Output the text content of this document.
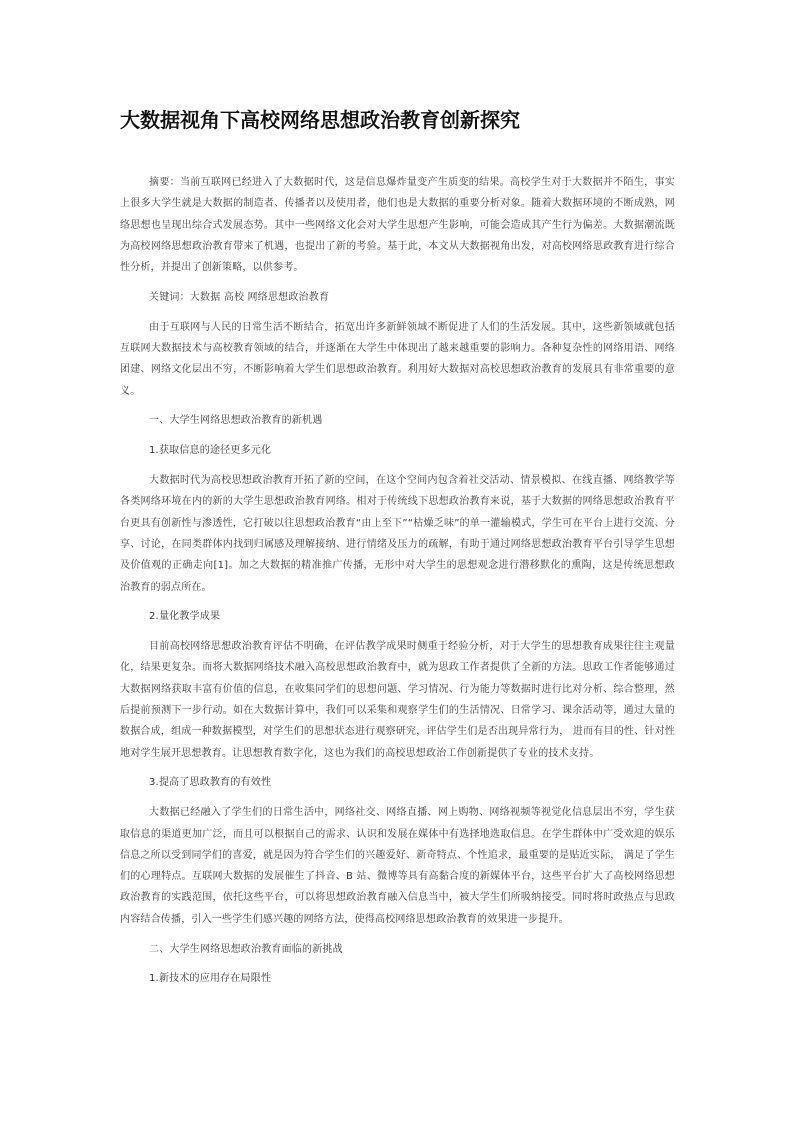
大数据视角下高校网络思想政治教育创新探究

摘要：当前互联网已经进入了大数据时代，这是信息爆炸量变产生质变的结果。高校学生对于大数据并不陌生，事实上很多大学生就是大数据的制造者、传播者以及使用者，他们也是大数据的重要分析对象。随着大数据环境的不断成熟，网络思想也呈现出综合式发展态势。其中一些网络文化会对大学生思想产生影响，可能会造成其产生行为偏差。大数据潮流既为高校网络思想政治教育带来了机遇，也提出了新的考验。基于此，本文从大数据视角出发，对高校网络思政教育进行综合性分析，并提出了创新策略，以供参考。

关键词：大数据 高校 网络思想政治教育

由于互联网与人民的日常生活不断结合，拓宽出许多新鲜领域不断促进了人们的生活发展。其中，这些新领域就包括互联网大数据技术与高校教育领域的结合，并逐渐在大学生中体现出了越来越重要的影响力。各种复杂性的网络用语、网络团建、网络文化层出不穷，不断影响着大学生们思想政治教育。利用好大数据对高校思想政治教育的发展具有非常重要的意义。

一、大学生网络思想政治教育的新机遇

1.获取信息的途径更多元化

大数据时代为高校思想政治教育开拓了新的空间，在这个空间内包含着社交活动、情景模拟、在线直播、网络教学等各类网络环境在内的新的大学生思想政治教育网络。相对于传统线下思想政治教育来说，基于大数据的网络思想政治教育平台更具有创新性与渗透性，它打破以往思想政治教育“由上至下”“枯燥乏味”的单一灌输模式，学生可在平台上进行交流、分享、讨论，在同类群体内找到归属感及理解接纳、进行情绪及压力的疏解，有助于通过网络思想政治教育平台引导学生思想及价值观的正确走向[1]。加之大数据的精准推广传播，无形中对大学生的思想观念进行潜移默化的熏陶，这是传统思想政治教育的弱点所在。

2.量化教学成果

目前高校网络思想政治教育评估不明确，在评估教学成果时侧重于经验分析，对于大学生的思想教育成果往往主观量化，结果更复杂。而将大数据网络技术融入高校思想政治教育中，就为思政工作者提供了全新的方法。思政工作者能够通过大数据网络获取丰富有价值的信息，在收集同学们的思想问题、学习情况、行为能力等数据时进行比对分析、综合整理，然后提前预测下一步行动。如在大数据计算中，我们可以采集和观察学生们的生活情况、日常学习、课余活动等，通过大量的数据合成，组成一种数据模型，对学生们的思想状态进行观察研究，评估学生们是否出现异常行为， 进而有目的性、针对性地对学生展开思想教育。让思想教育数字化，这也为我们的高校思想政治工作创新提供了专业的技术支持。

3.提高了思政教育的有效性

大数据已经融入了学生们的日常生活中，网络社交、网络直播、网上购物、网络视频等视觉化信息层出不穷，学生获取信息的渠道更加广泛，而且可以根据自己的需求、认识和发展在媒体中有选择地选取信息。在学生群体中广受欢迎的娱乐信息之所以受到同学们的喜爱，就是因为符合学生们的兴趣爱好、新奇特点、个性追求，最重要的是贴近实际， 满足了学生们的心理特点。互联网大数据的发展催生了抖音、B 站、微博等具有高黏合度的新媒体平台，这些平台扩大了高校网络思想政治教育的实践范围，依托这些平台，可以将思想政治教育融入信息当中，被大学生们所吸纳接受。同时将时政热点与思政内容结合传播，引入一些学生们感兴趣的网络方法，使得高校网络思想政治教育的效果进一步提升。

二、大学生网络思想政治教育面临的新挑战

1.新技术的应用存在局限性
